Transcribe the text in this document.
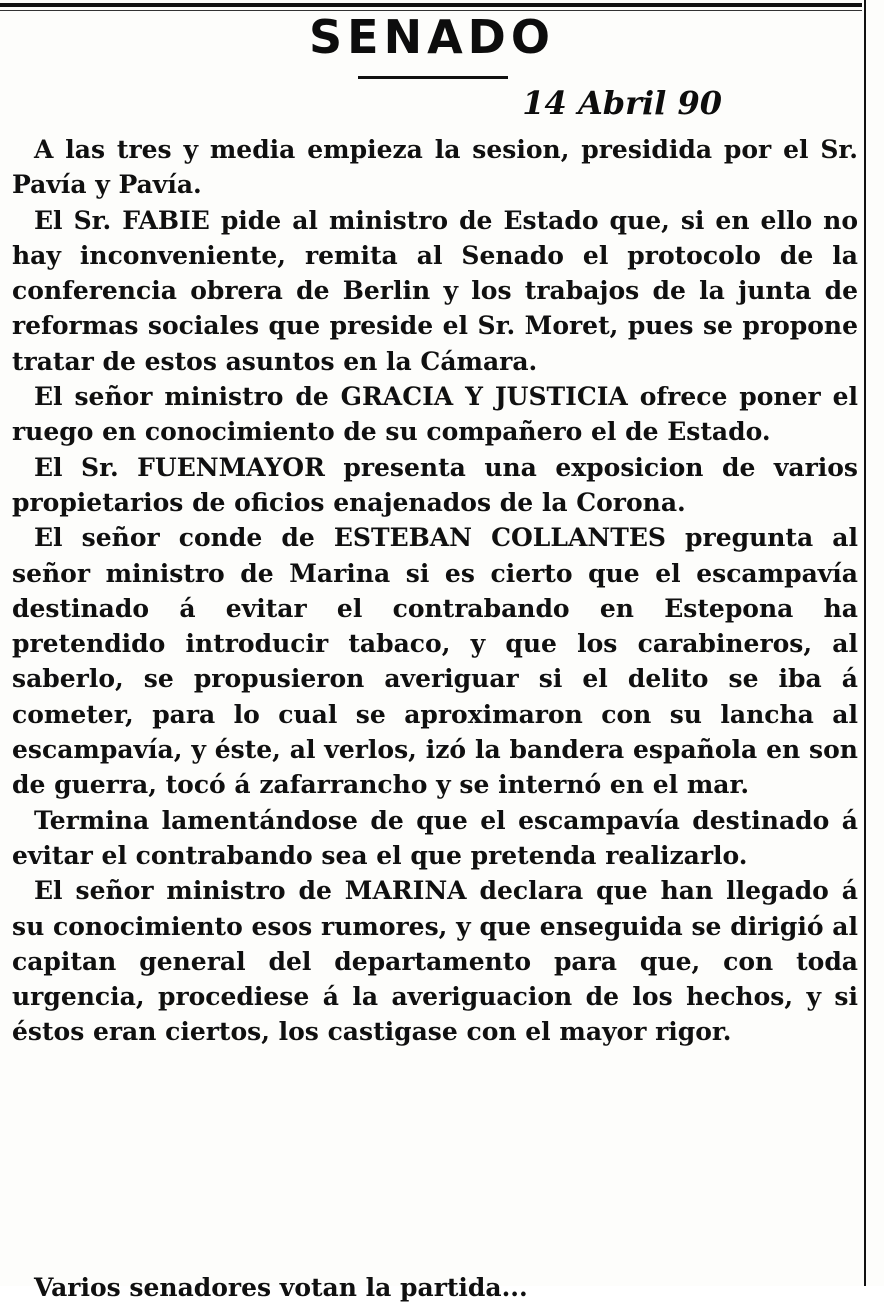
SENADO
14 Abril 90

A las tres y media empieza la sesion, presidida por el Sr. Pavía y Pavía.

El Sr. FABIE pide al ministro de Estado que, si en ello no hay inconveniente, remita al Senado el protocolo de la conferencia obrera de Berlin y los trabajos de la junta de reformas sociales que preside el Sr. Moret, pues se propone tratar de estos asuntos en la Cámara.

El señor ministro de GRACIA Y JUSTICIA ofrece poner el ruego en conocimiento de su compañero el de Estado.

El Sr. FUENMAYOR presenta una exposicion de varios propietarios de oficios enajenados de la Corona.

El señor conde de ESTEBAN COLLANTES pregunta al señor ministro de Marina si es cierto que el escampavía destinado á evitar el contrabando en Estepona ha pretendido introducir tabaco, y que los carabineros, al saberlo, se propusieron averiguar si el delito se iba á cometer, para lo cual se aproximaron con su lancha al escampavía, y éste, al verlos, izó la bandera española en son de guerra, tocó á zafarrancho y se internó en el mar.

Termina lamentándose de que el escampavía destinado á evitar el contrabando sea el que pretenda realizarlo.

El señor ministro de MARINA declara que han llegado á su conocimiento esos rumores, y que enseguida se dirigió al capitan general del departamento para que, con toda urgencia, procediese á la averiguacion de los hechos, y si éstos eran ciertos, los castigase con el mayor rigor.

Varios senadores votan la partida...
